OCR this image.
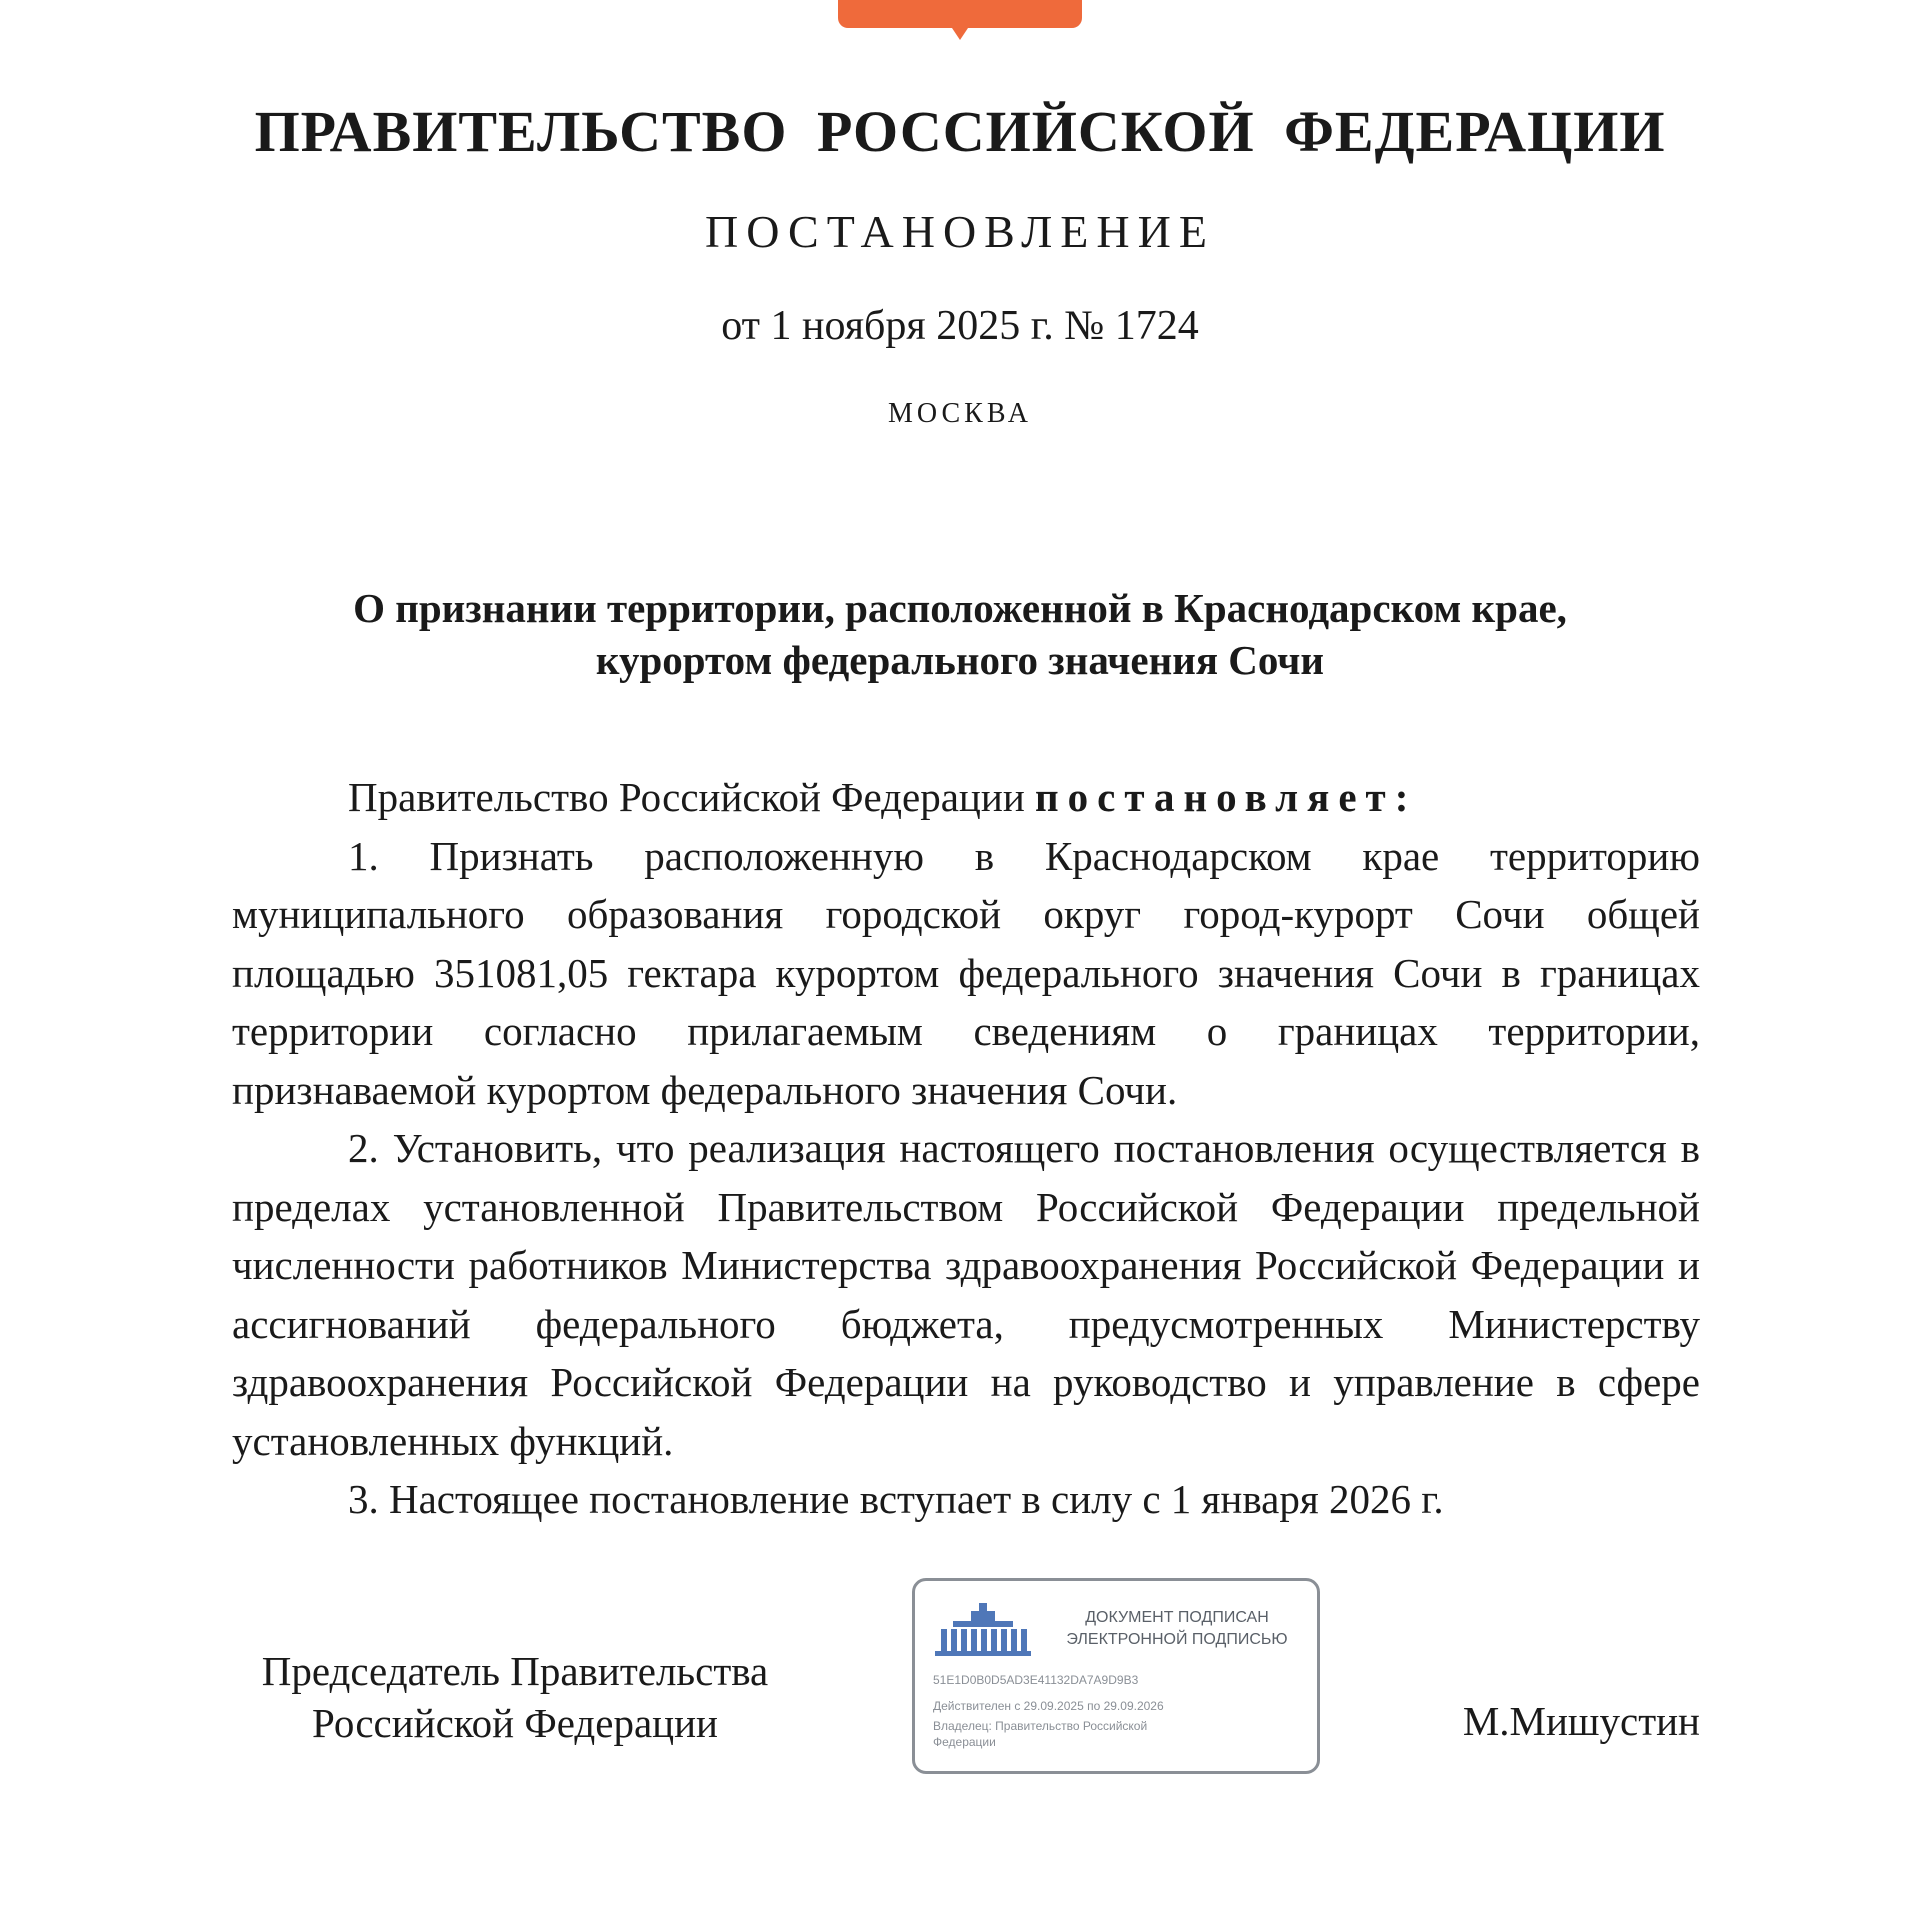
ПРАВИТЕЛЬСТВО РОССИЙСКОЙ ФЕДЕРАЦИИ
ПОСТАНОВЛЕНИЕ
от 1 ноября 2025 г. № 1724
МОСКВА
О признании территории, расположенной в Краснодарском крае,
курортом федерального значения Сочи

Правительство Российской Федерации постановляет:

1. Признать расположенную в Краснодарском крае территорию муниципального образования городской округ город-курорт Сочи общей площадью 351081,05 гектара курортом федерального значения Сочи в границах территории согласно прилагаемым сведениям о границах территории, признаваемой курортом федерального значения Сочи.

2. Установить, что реализация настоящего постановления осуществляется в пределах установленной Правительством Российской Федерации предельной численности работников Министерства здравоохранения Российской Федерации и ассигнований федерального бюджета, предусмотренных Министерству здравоохранения Российской Федерации на руководство и управление в сфере установленных функций.

3. Настоящее постановление вступает в силу с 1 января 2026 г.

Председатель Правительства
Российской Федерации
ДОКУМЕНТ ПОДПИСАН
ЭЛЕКТРОННОЙ ПОДПИСЬЮ
51E1D0B0D5AD3E41132DA7A9D9B3
Действителен с 29.09.2025 по 29.09.2026
Владелец: Правительство Российской
Федерации	М.Мишустин
